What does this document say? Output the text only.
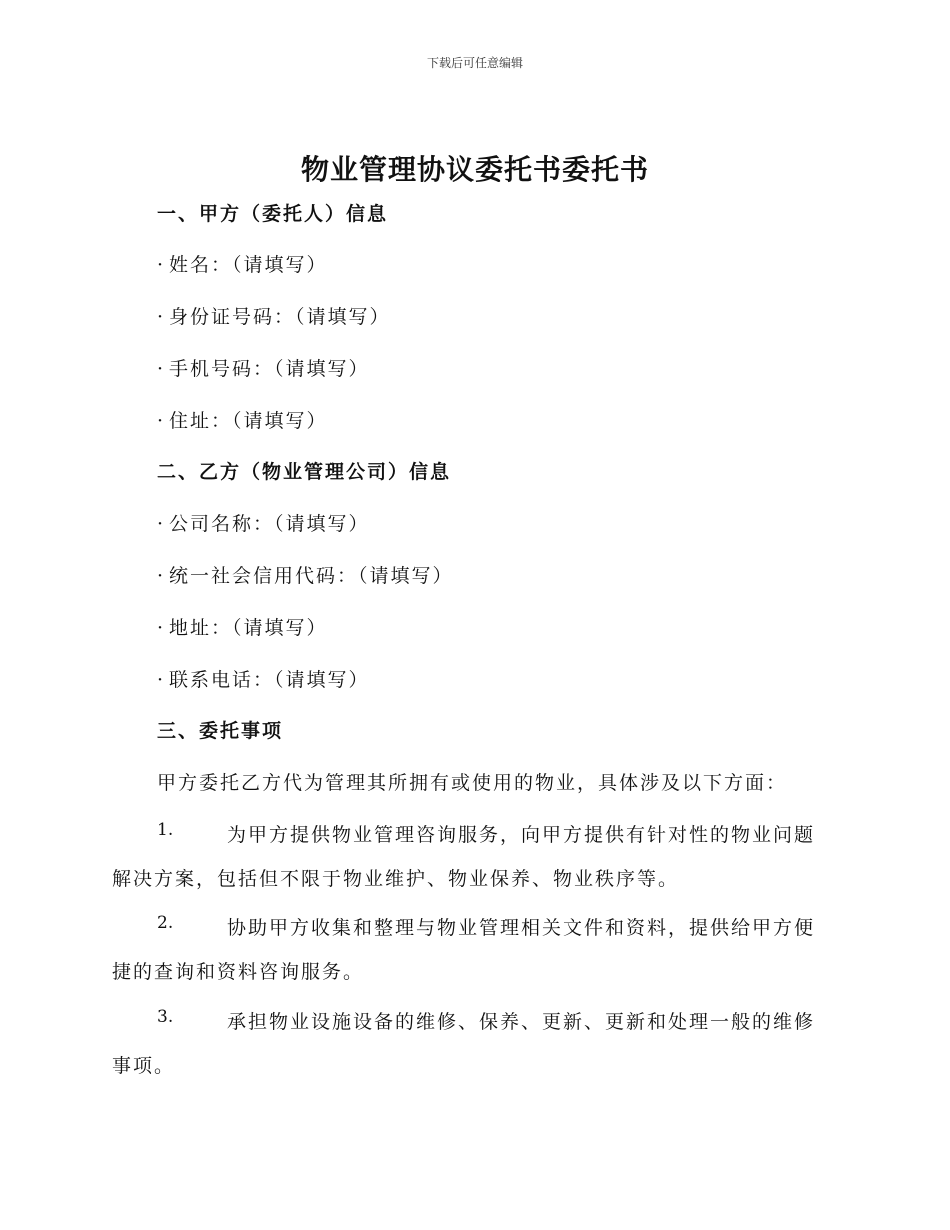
下载后可任意编辑
物业管理协议委托书委托书

一、甲方（委托人）信息

· 姓名：（请填写）

· 身份证号码：（请填写）

· 手机号码：（请填写）

· 住址：（请填写）

二、乙方（物业管理公司）信息

· 公司名称：（请填写）

· 统一社会信用代码：（请填写）

· 地址：（请填写）

· 联系电话：（请填写）

三、委托事项

甲方委托乙方代为管理其所拥有或使用的物业，具体涉及以下方面：

1.	为甲方提供物业管理咨询服务，向甲方提供有针对性的物业问题
解决方案，包括但不限于物业维护、物业保养、物业秩序等。
2.	协助甲方收集和整理与物业管理相关文件和资料，提供给甲方便
捷的查询和资料咨询服务。
3.	承担物业设施设备的维修、保养、更新、更新和处理一般的维修
事项。
